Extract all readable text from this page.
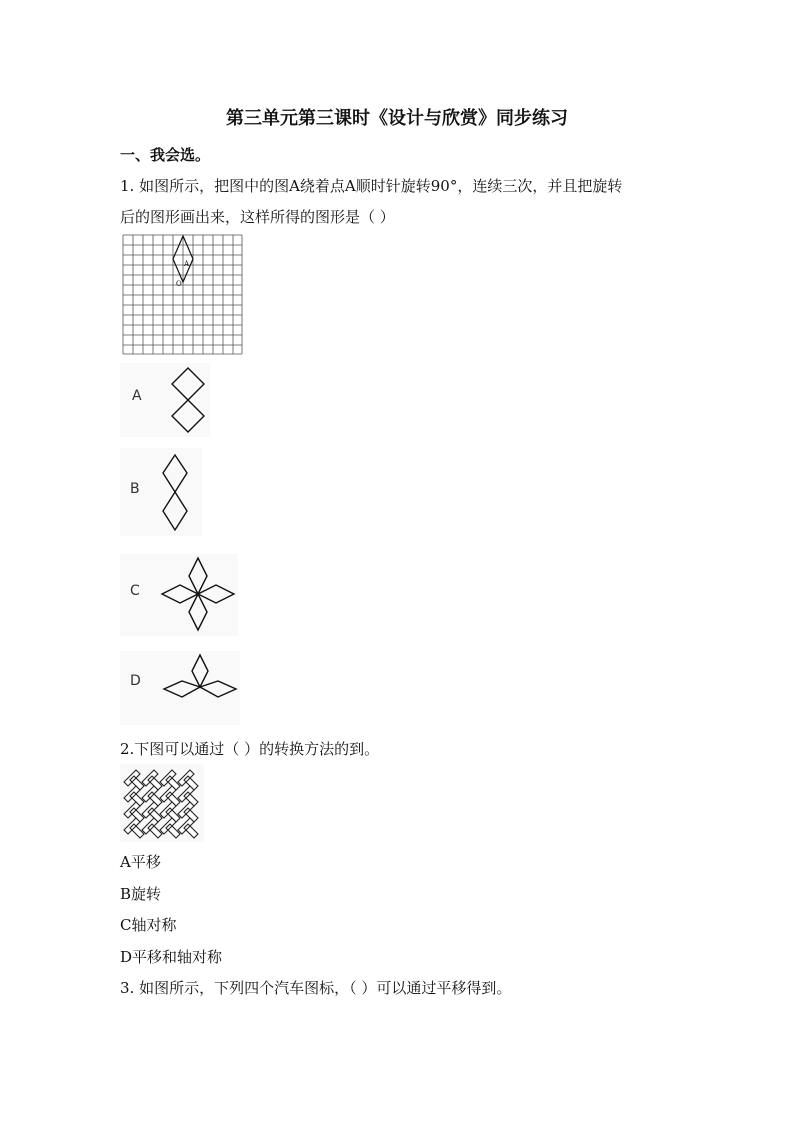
第三单元第三课时《设计与欣赏》同步练习
一、我会选。
1. 如图所示，把图中的图A绕着点A顺时针旋转90°，连续三次，并且把旋转
后的图形画出来，这样所得的图形是（ ）
A
O
A
B
C
D
2.下图可以通过（ ）的转换方法的到。
A平移
B旋转
C轴对称
D平移和轴对称
3. 如图所示，下列四个汽车图标，（ ）可以通过平移得到。
